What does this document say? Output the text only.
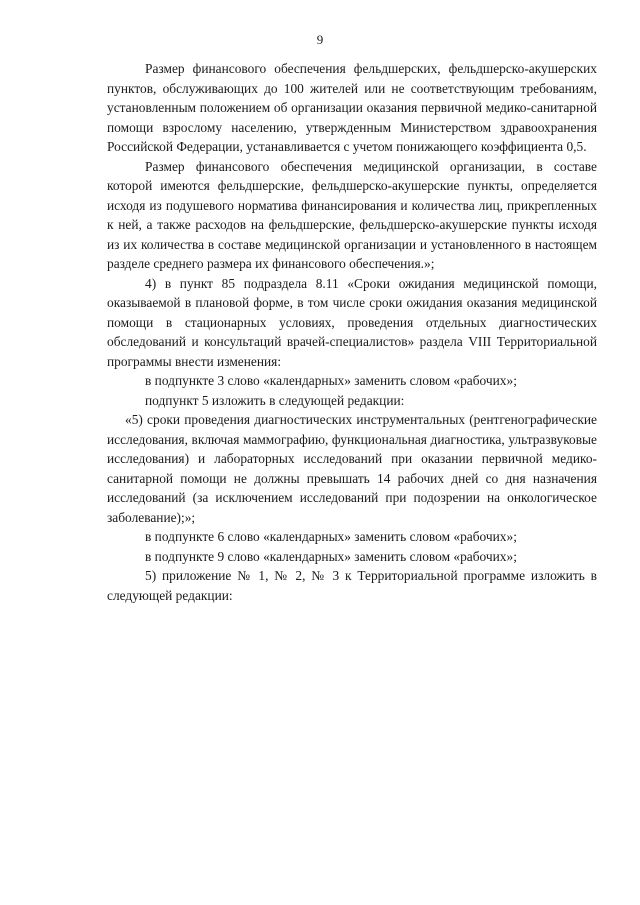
9

Размер финансового обеспечения фельдшерских, фельдшерско-акушерских пунктов, обслуживающих до 100 жителей или не соответствующим требованиям, установленным положением об организации оказания первичной медико-санитарной помощи взрослому населению, утвержденным Министерством здравоохранения Российской Федерации, устанавливается с учетом понижающего коэффициента 0,5.

Размер финансового обеспечения медицинской организации, в составе которой имеются фельдшерские, фельдшерско-акушерские пункты, определяется исходя из подушевого норматива финансирования и количества лиц, прикрепленных к ней, а также расходов на фельдшерские, фельдшерско-акушерские пункты исходя из их количества в составе медицинской организации и установленного в настоящем разделе среднего размера их финансового обеспечения.»;

4) в пункт 85 подраздела 8.11 «Сроки ожидания медицинской помощи, оказываемой в плановой форме, в том числе сроки ожидания оказания медицинской помощи в стационарных условиях, проведения отдельных диагностических обследований и консультаций врачей-специалистов» раздела VIII Территориальной программы внести изменения:

в подпункте 3 слово «календарных» заменить словом «рабочих»;

подпункт 5 изложить в следующей редакции:

«5) сроки проведения диагностических инструментальных (рентгенографические исследования, включая маммографию, функциональная диагностика, ультразвуковые исследования) и лабораторных исследований при оказании первичной медико-санитарной помощи не должны превышать 14 рабочих дней со дня назначения исследований (за исключением исследований при подозрении на онкологическое заболевание);»;

в подпункте 6 слово «календарных» заменить словом «рабочих»;

в подпункте 9 слово «календарных» заменить словом «рабочих»;

5) приложение № 1, № 2, № 3 к Территориальной программе изложить в следующей редакции:
